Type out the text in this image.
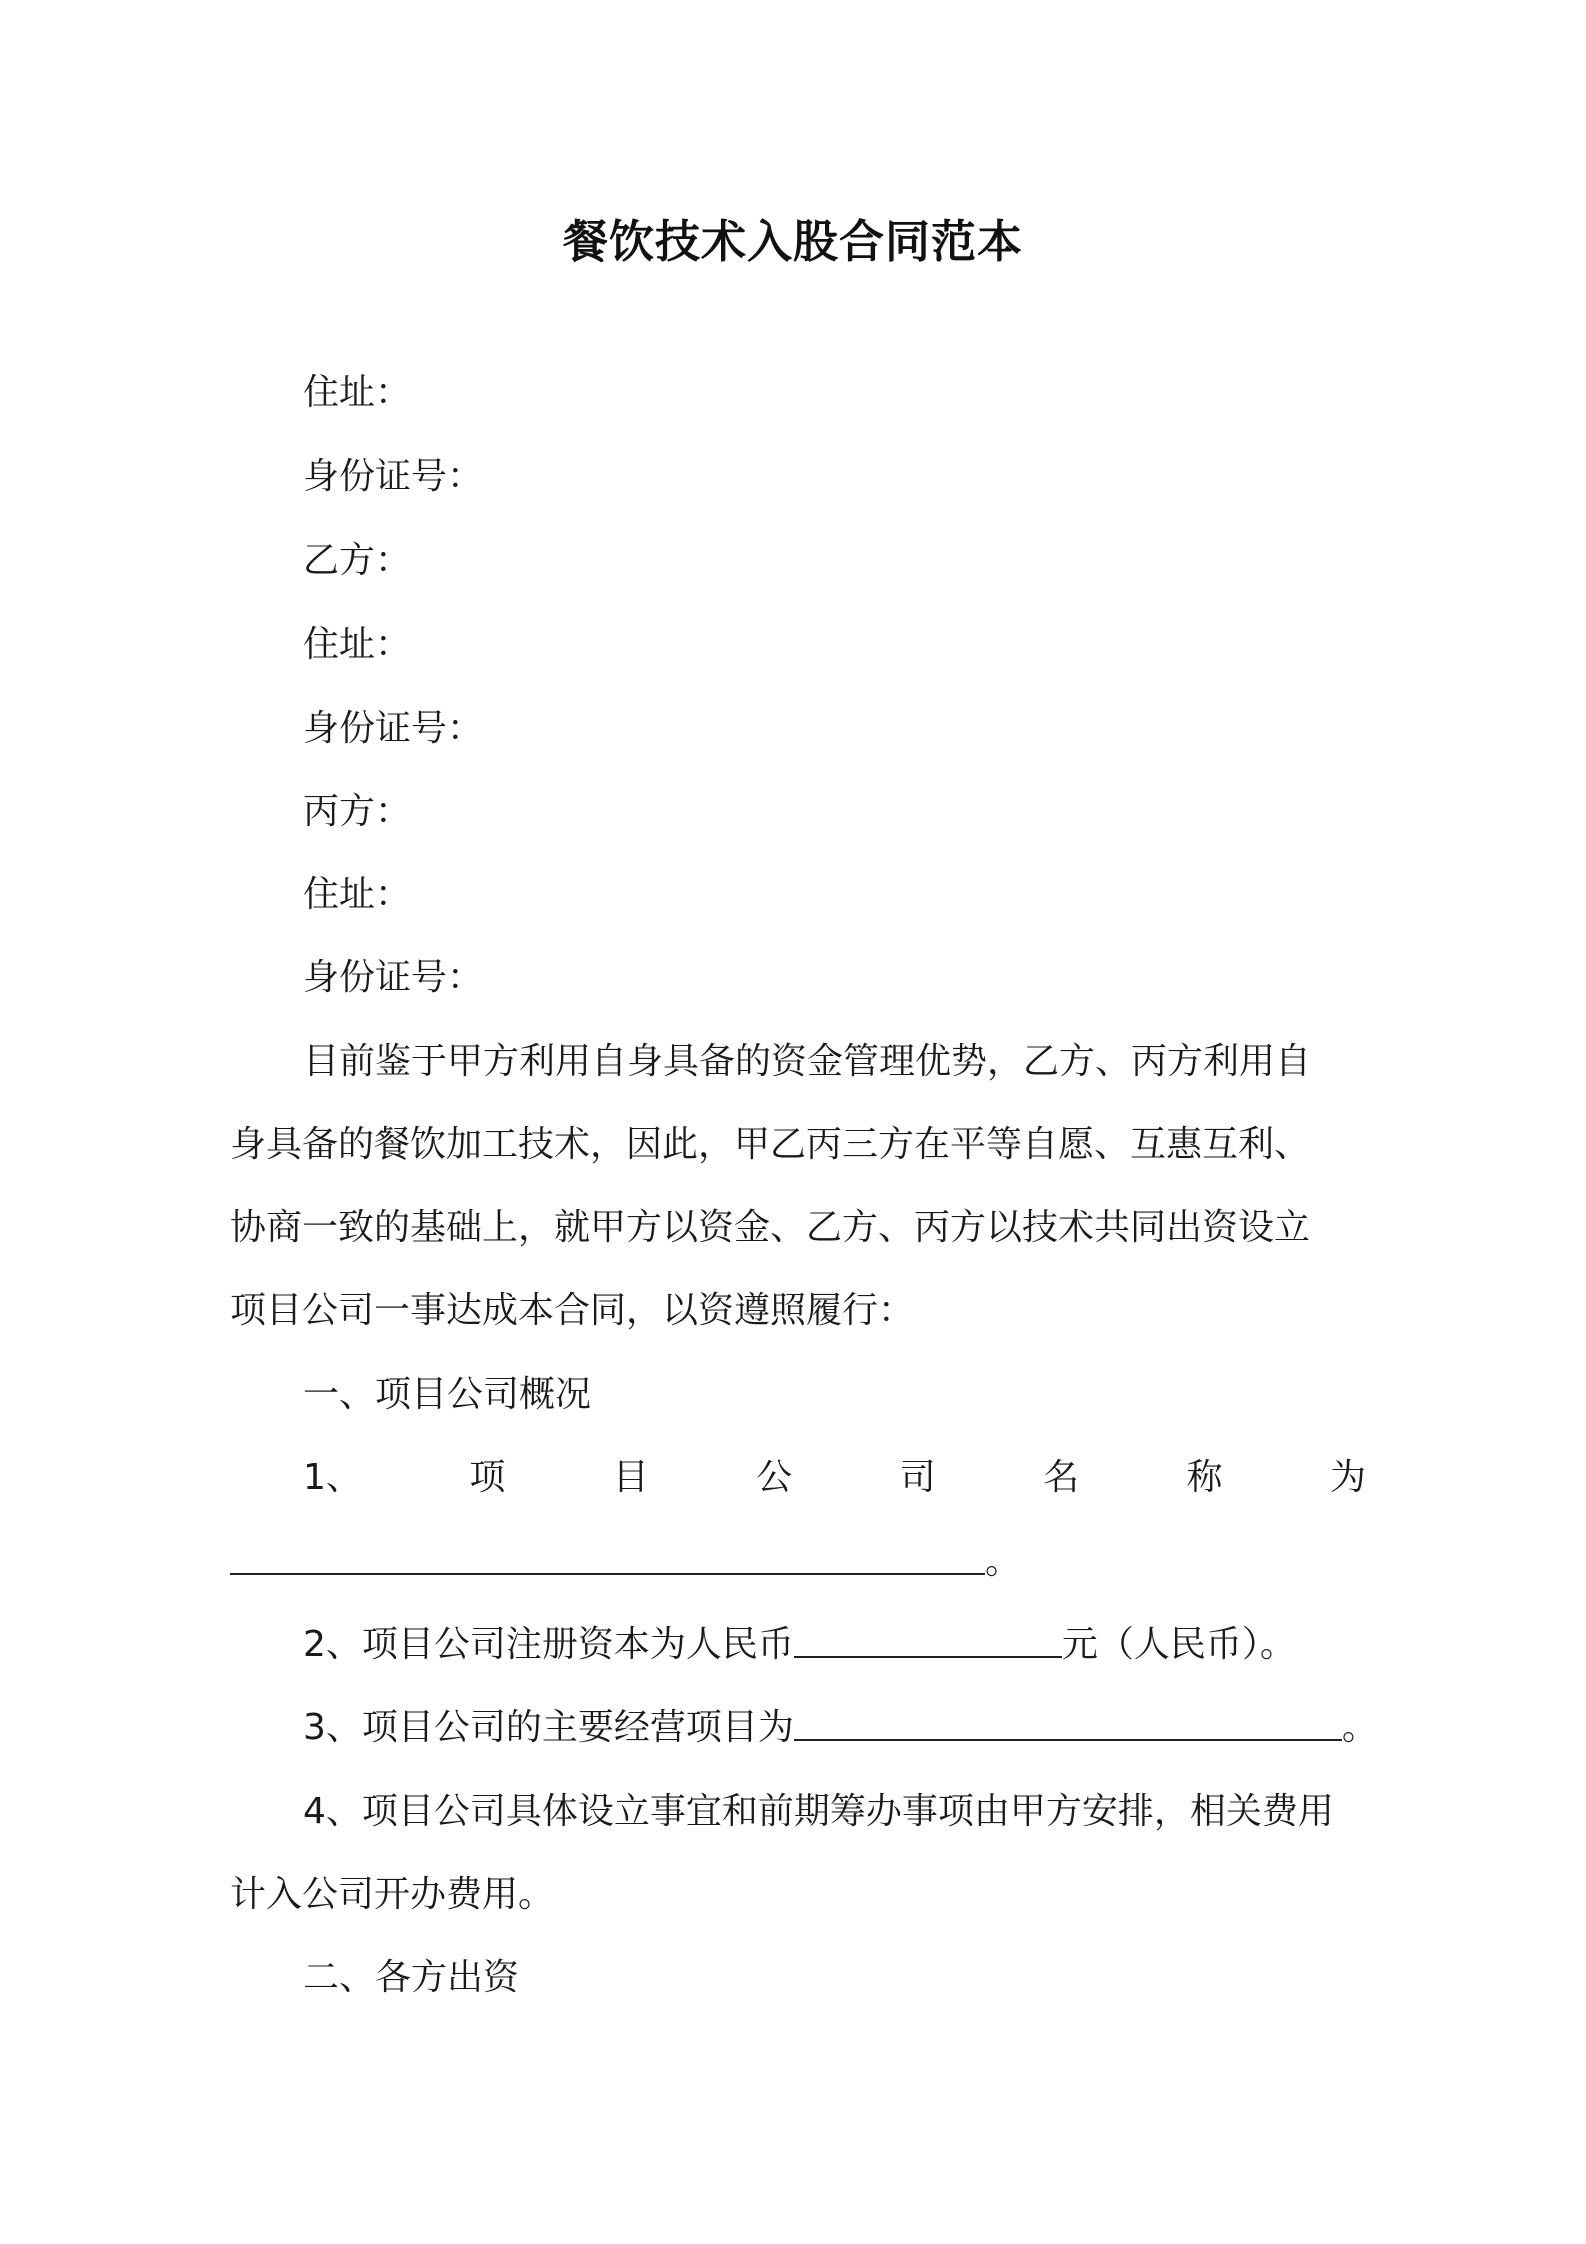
餐饮技术入股合同范本
住址：
身份证号：
乙方：
住址：
身份证号：
丙方：
住址：
身份证号：
目前鉴于甲方利用自身具备的资金管理优势，乙方、丙方利用自
身具备的餐饮加工技术，因此，甲乙丙三方在平等自愿、互惠互利、
协商一致的基础上，就甲方以资金、乙方、丙方以技术共同出资设立
项目公司一事达成本合同，以资遵照履行：
一、项目公司概况
1、	项	目	公	司	名	称	为
。
2、项目公司注册资本为人民币	元（人民币）。
3、项目公司的主要经营项目为	。
4、项目公司具体设立事宜和前期筹办事项由甲方安排，相关费用
计入公司开办费用。
二、各方出资
